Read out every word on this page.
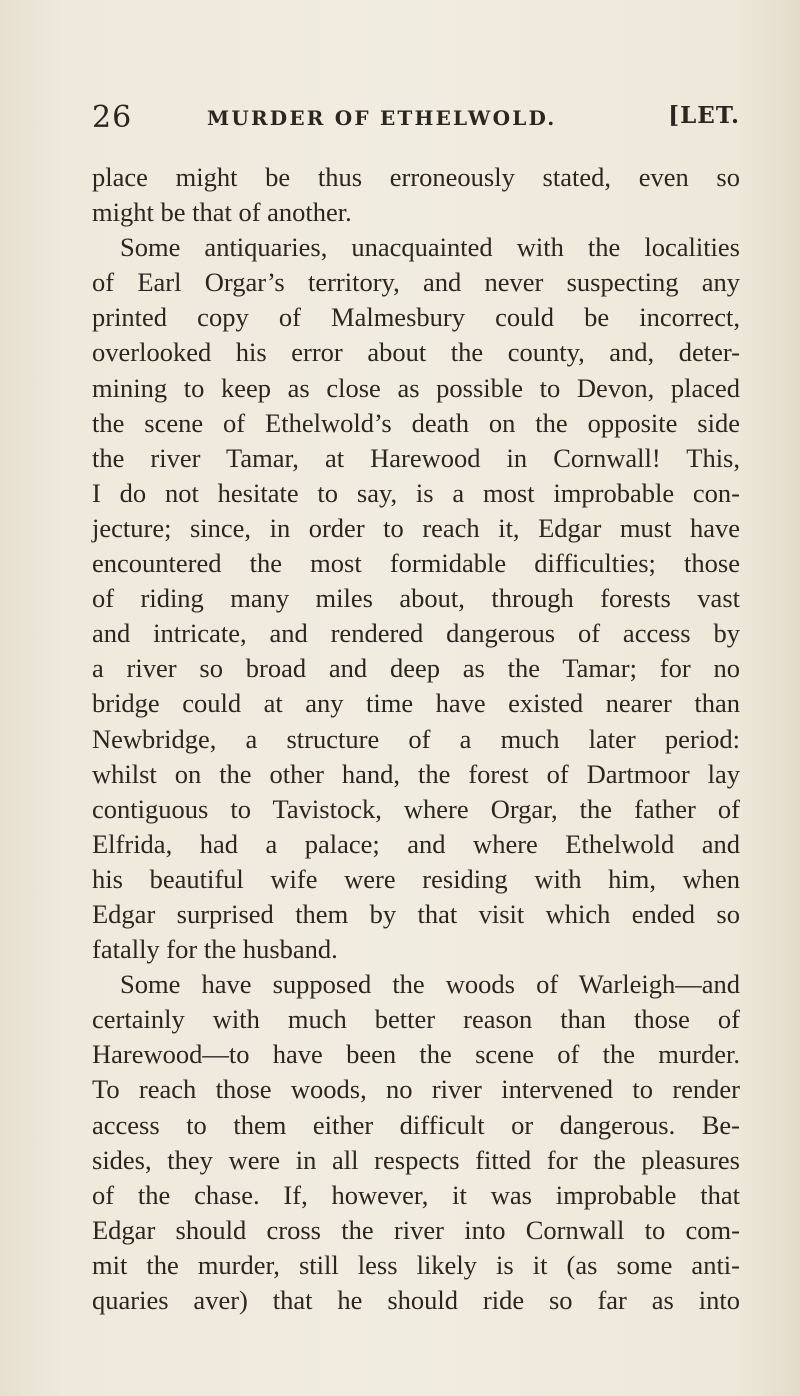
26	MURDER OF ETHELWOLD.	[LET.
place might be thus erroneously stated, even so
might be that of another.
Some antiquaries, unacquainted with the localities
of Earl Orgar’s territory, and never suspecting any
printed copy of Malmesbury could be incorrect,
overlooked his error about the county, and, deter-
mining to keep as close as possible to Devon, placed
the scene of Ethelwold’s death on the opposite side
the river Tamar, at Harewood in Cornwall! This,
I do not hesitate to say, is a most improbable con-
jecture; since, in order to reach it, Edgar must have
encountered the most formidable difficulties; those
of riding many miles about, through forests vast
and intricate, and rendered dangerous of access by
a river so broad and deep as the Tamar; for no
bridge could at any time have existed nearer than
Newbridge, a structure of a much later period:
whilst on the other hand, the forest of Dartmoor lay
contiguous to Tavistock, where Orgar, the father of
Elfrida, had a palace; and where Ethelwold and
his beautiful wife were residing with him, when
Edgar surprised them by that visit which ended so
fatally for the husband.
Some have supposed the woods of Warleigh—and
certainly with much better reason than those of
Harewood—to have been the scene of the murder.
To reach those woods, no river intervened to render
access to them either difficult or dangerous. Be-
sides, they were in all respects fitted for the pleasures
of the chase. If, however, it was improbable that
Edgar should cross the river into Cornwall to com-
mit the murder, still less likely is it (as some anti-
quaries aver) that he should ride so far as into
